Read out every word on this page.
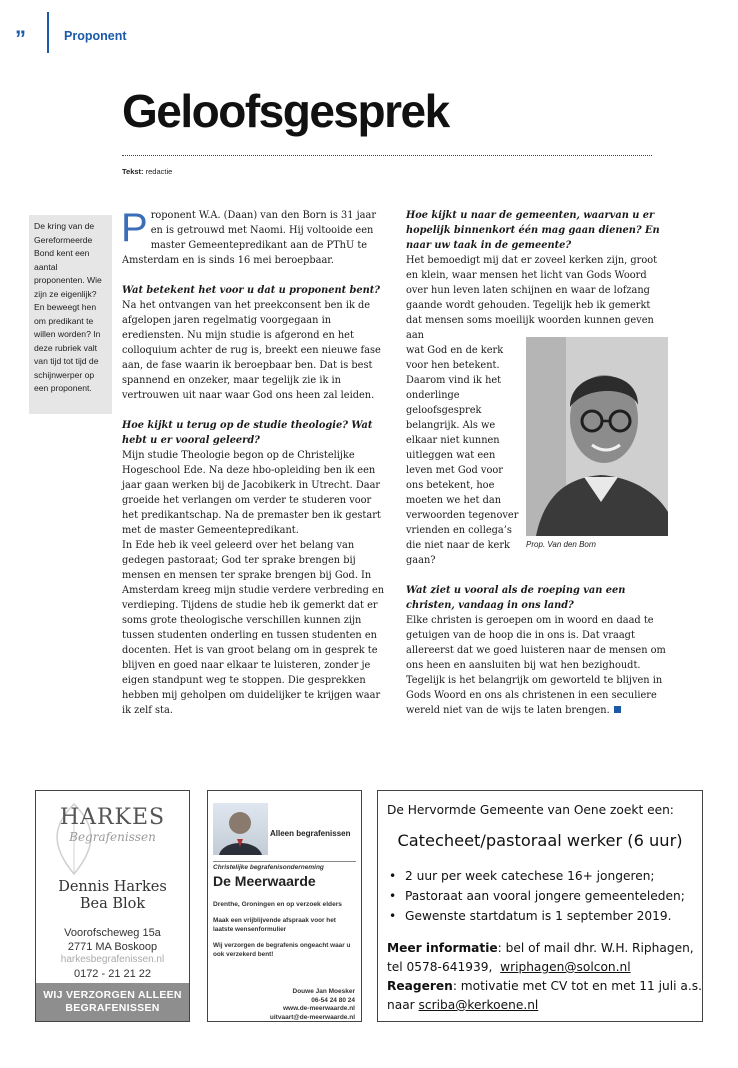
”	Proponent
Geloofsgesprek
Tekst: redactie
De kring van de Gereformeerde Bond kent een aantal proponenten. Wie zijn ze eigenlijk? En beweegt hen om predikant te willen worden? In deze rubriek valt van tijd tot tijd de schijnwerper op een proponent.

Proponent W.A. (Daan) van den Born is 31 jaar en is getrouwd met Naomi. Hij voltooide een master Gemeentepredikant aan de PThU te Amsterdam en is sinds 16 mei beroepbaar.

Wat betekent het voor u dat u proponent bent?

Na het ontvangen van het preekconsent ben ik de afgelopen jaren regelmatig voorgegaan in erediensten. Nu mijn studie is afgerond en het colloquium achter de rug is, breekt een nieuwe fase aan, de fase waarin ik beroepbaar ben. Dat is best spannend en onzeker, maar tegelijk zie ik in vertrouwen uit naar waar God ons heen zal leiden.

Hoe kijkt u terug op de studie theologie? Wat hebt u er vooral geleerd?

Mijn studie Theologie begon op de Christelijke Hogeschool Ede. Na deze hbo-opleiding ben ik een jaar gaan werken bij de Jacobikerk in Utrecht. Daar groeide het verlangen om verder te studeren voor het predikantschap. Na de premaster ben ik gestart met de master Gemeentepredikant.

In Ede heb ik veel geleerd over het belang van gedegen pastoraat; God ter sprake brengen bij mensen en mensen ter sprake brengen bij God. In Amsterdam kreeg mijn studie verdere verbreding en verdieping. Tijdens de studie heb ik gemerkt dat er soms grote theologische verschillen kunnen zijn tussen studenten onderling en tussen studenten en docenten. Het is van groot belang om in gesprek te blijven en goed naar elkaar te luisteren, zonder je eigen standpunt weg te stoppen. Die gesprekken hebben mij geholpen om duidelijker te krijgen waar ik zelf sta.

Hoe kijkt u naar de gemeenten, waarvan u er hopelijk binnenkort één mag gaan dienen? En naar uw taak in de gemeente?

Het bemoedigt mij dat er zoveel kerken zijn, groot en klein, waar mensen het licht van Gods Woord over hun leven laten schijnen en waar de lofzang gaande wordt gehouden. Tegelijk heb ik gemerkt dat mensen soms moeilijk woorden kunnen geven aan

wat God en de kerk voor hen betekent. Daarom vind ik het onderlinge geloofsgesprek belangrijk. Als we elkaar niet kunnen uitleggen wat een leven met God voor ons betekent, hoe moeten we het dan verwoorden tegenover vrienden en collega’s die niet naar de kerk gaan?

Wat ziet u vooral als de roeping van een christen, vandaag in ons land?

Elke christen is geroepen om in woord en daad te getuigen van de hoop die in ons is. Dat vraagt allereerst dat we goed luisteren naar de mensen om ons heen en aansluiten bij wat hen bezighoudt. Tegelijk is het belangrijk om geworteld te blijven in Gods Woord en ons als christenen in een seculiere wereld niet van de wijs te laten brengen.

Prop. Van den Born
HARKES
Begrafenissen
Dennis Harkes
Bea Blok
Voorofscheweg 15a
2771 MA Boskoop
harkesbegrafenissen.nl
0172 - 21 21 22
WIJ VERZORGEN ALLEEN
BEGRAFENISSEN
Alleen begrafenissen
Christelijke begrafenisonderneming
De Meerwaarde
Drenthe, Groningen en op verzoek elders
Maak een vrijblijvende afspraak voor het laatste wensenformulier
Wij verzorgen de begrafenis ongeacht waar u ook verzekerd bent!
Douwe Jan Moesker
06-54 24 80 24
www.de-meerwaarde.nl
uitvaart@de-meerwaarde.nl
De Hervormde Gemeente van Oene zoekt een:
Catecheet/pastoraal werker (6 uur)
• 2 uur per week catechese 16+ jongeren;
• Pastoraat aan vooral jongere gemeenteleden;
• Gewenste startdatum is 1 september 2019.
Meer informatie: bel of mail dhr. W.H. Riphagen,
tel 0578-641939, wriphagen@solcon.nl
Reageren: motivatie met CV tot en met 11 juli a.s.
naar scriba@kerkoene.nl
